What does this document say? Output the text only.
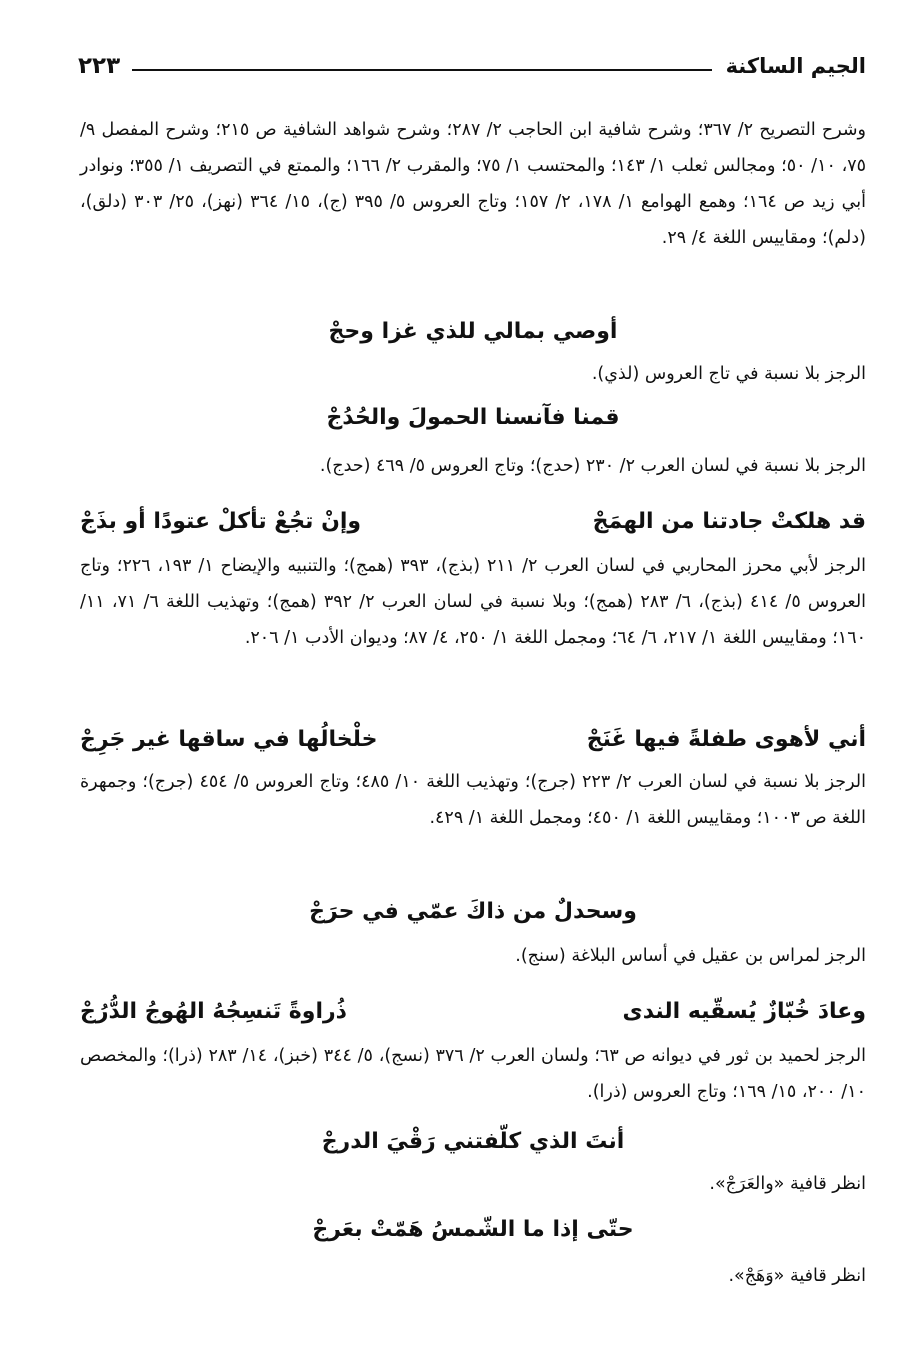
الجيم الساكنة
٢٢٣
وشرح التصريح ٢/ ٣٦٧؛ وشرح شافية ابن الحاجب ٢/ ٢٨٧؛ وشرح شواهد الشافية ص ٢١٥؛ وشرح المفصل ٩/ ٧٥، ١٠/ ٥٠؛ ومجالس ثعلب ١/ ١٤٣؛ والمحتسب ١/ ٧٥؛ والمقرب ٢/ ١٦٦؛ والممتع في التصريف ١/ ٣٥٥؛ ونوادر أبي زيد ص ١٦٤؛ وهمع الهوامع ١/ ١٧٨، ٢/ ١٥٧؛ وتاج العروس ٥/ ٣٩٥ (ج)، ١٥/ ٣٦٤ (نهز)، ٢٥/ ٣٠٣ (دلق)، (دلم)؛ ومقاييس اللغة ٤/ ٢٩.
أوصي بمالي للذي غزا وحجْ
الرجز بلا نسبة في تاج العروس (لذي).
قمنا فآنسنا الحمولَ والحُدُجْ
الرجز بلا نسبة في لسان العرب ٢/ ٢٣٠ (حدج)؛ وتاج العروس ٥/ ٤٦٩ (حدج).
قد هلكتْ جادتنا من الهمَجْ
وإنْ تجُعْ تأكلْ عتودًا أو بذَجْ
الرجز لأبي محرز المحاربي في لسان العرب ٢/ ٢١١ (بذج)، ٣٩٣ (همج)؛ والتنبيه والإيضاح ١/ ١٩٣، ٢٢٦؛ وتاج العروس ٥/ ٤١٤ (بذج)، ٦/ ٢٨٣ (همج)؛ وبلا نسبة في لسان العرب ٢/ ٣٩٢ (همج)؛ وتهذيب اللغة ٦/ ٧١، ١١/ ١٦٠؛ ومقاييس اللغة ١/ ٢١٧، ٦/ ٦٤؛ ومجمل اللغة ١/ ٢٥٠، ٤/ ٨٧؛ وديوان الأدب ١/ ٢٠٦.
أني لأهوى طفلةً فيها غَنَجْ
خلْخالُها في ساقها غير جَرِجْ
الرجز بلا نسبة في لسان العرب ٢/ ٢٢٣ (جرج)؛ وتهذيب اللغة ١٠/ ٤٨٥؛ وتاج العروس ٥/ ٤٥٤ (جرج)؛ وجمهرة اللغة ص ١٠٠٣؛ ومقاييس اللغة ١/ ٤٥٠؛ ومجمل اللغة ١/ ٤٢٩.
وسحدلٌ من ذاكَ عمّي في حرَجْ
الرجز لمراس بن عقيل في أساس البلاغة (سنج).
وعادَ خُبّازٌ يُسقّيه الندى
ذُراوةً تَنسِجُهُ الهُوجُ الدُّرُجْ
الرجز لحميد بن ثور في ديوانه ص ٦٣؛ ولسان العرب ٢/ ٣٧٦ (نسج)، ٥/ ٣٤٤ (خبز)، ١٤/ ٢٨٣ (ذرا)؛ والمخصص ١٠/ ٢٠٠، ١٥/ ١٦٩؛ وتاج العروس (ذرا).
أنتَ الذي كلّفتني رَقْيَ الدرجْ
انظر قافية «والعَرَجْ».
حتّى إذا ما الشّمسُ هَمّتْ بعَرجْ
انظر قافية «وَهَجْ».
